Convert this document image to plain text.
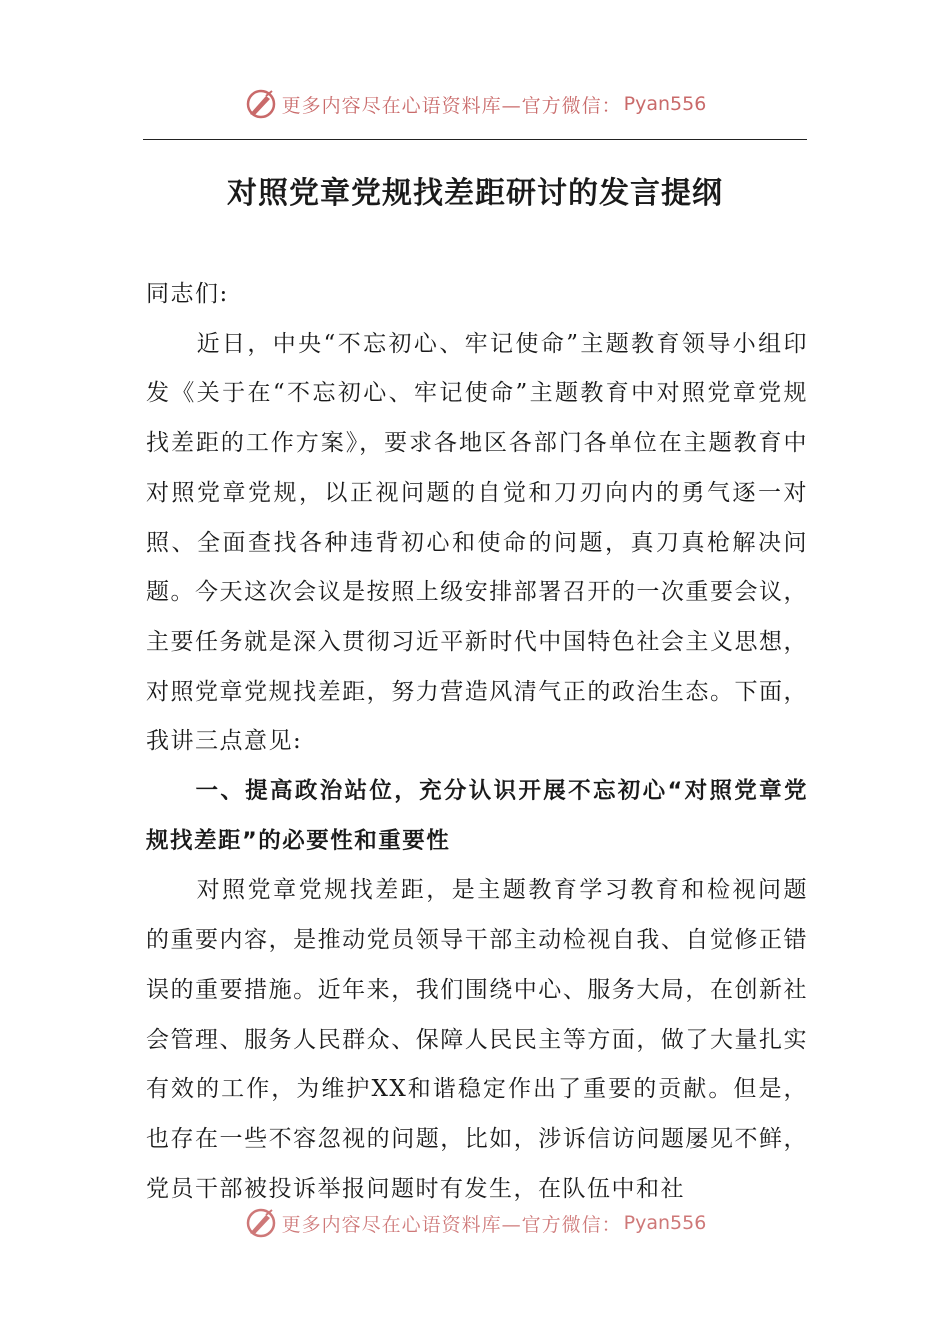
更多内容尽在心语资料库—官方微信： Pyan556
对照党章党规找差距研讨的发言提纲

同志们:

近日，中央“不忘初心、牢记使命”主题教育领导小组印发《关于在“不忘初心、牢记使命”主题教育中对照党章党规找差距的工作方案》，要求各地区各部门各单位在主题教育中对照党章党规，以正视问题的自觉和刀刃向内的勇气逐一对照、全面查找各种违背初心和使命的问题，真刀真枪解决问题。今天这次会议是按照上级安排部署召开的一次重要会议，主要任务就是深入贯彻习近平新时代中国特色社会主义思想，对照党章党规找差距，努力营造风清气正的政治生态。下面，我讲三点意见:

一、提高政治站位，充分认识开展不忘初心“对照党章党规找差距”的必要性和重要性

对照党章党规找差距，是主题教育学习教育和检视问题的重要内容，是推动党员领导干部主动检视自我、自觉修正错误的重要措施。近年来，我们围绕中心、服务大局，在创新社会管理、服务人民群众、保障人民民主等方面，做了大量扎实有效的工作，为维护XX和谐稳定作出了重要的贡献。但是，也存在一些不容忽视的问题，比如，涉诉信访问题屡见不鲜，党员干部被投诉举报问题时有发生，在队伍中和社

更多内容尽在心语资料库—官方微信： Pyan556
